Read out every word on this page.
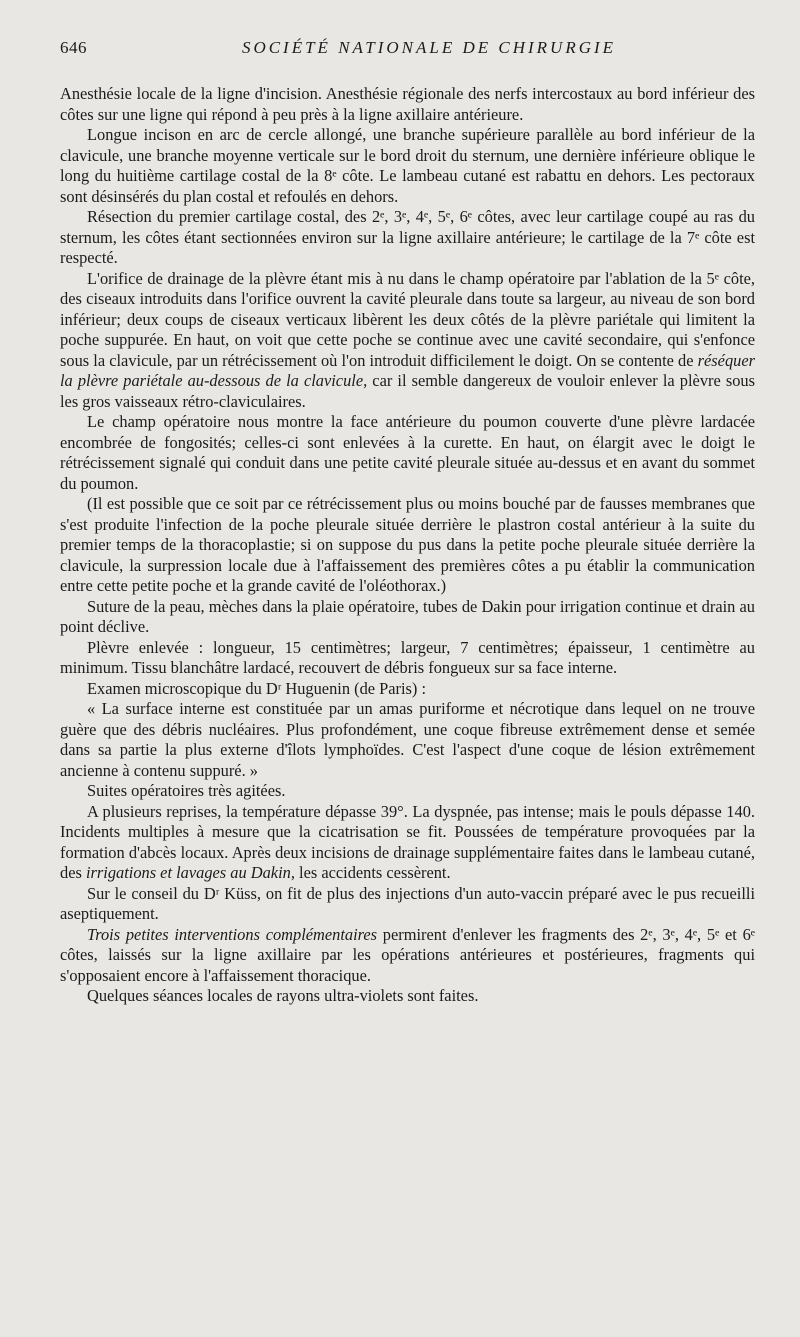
646	SOCIÉTÉ NATIONALE DE CHIRURGIE

Anesthésie locale de la ligne d'incision. Anesthésie régionale des nerfs intercostaux au bord inférieur des côtes sur une ligne qui répond à peu près à la ligne axillaire antérieure.

Longue incison en arc de cercle allongé, une branche supérieure parallèle au bord inférieur de la clavicule, une branche moyenne verticale sur le bord droit du sternum, une dernière inférieure oblique le long du huitième cartilage costal de la 8ᵉ côte. Le lambeau cutané est rabattu en dehors. Les pectoraux sont désinsérés du plan costal et refoulés en dehors.

Résection du premier cartilage costal, des 2ᵉ, 3ᵉ, 4ᵉ, 5ᵉ, 6ᵉ côtes, avec leur cartilage coupé au ras du sternum, les côtes étant sectionnées environ sur la ligne axillaire antérieure; le cartilage de la 7ᵉ côte est respecté.

L'orifice de drainage de la plèvre étant mis à nu dans le champ opératoire par l'ablation de la 5ᵉ côte, des ciseaux introduits dans l'orifice ouvrent la cavité pleurale dans toute sa largeur, au niveau de son bord inférieur; deux coups de ciseaux verticaux libèrent les deux côtés de la plèvre pariétale qui limitent la poche suppurée. En haut, on voit que cette poche se continue avec une cavité secondaire, qui s'enfonce sous la clavicule, par un rétrécissement où l'on introduit difficilement le doigt. On se contente de réséquer la plèvre pariétale au-dessous de la clavicule, car il semble dangereux de vouloir enlever la plèvre sous les gros vaisseaux rétro-claviculaires.

Le champ opératoire nous montre la face antérieure du poumon couverte d'une plèvre lardacée encombrée de fongosités; celles-ci sont enlevées à la curette. En haut, on élargit avec le doigt le rétrécissement signalé qui conduit dans une petite cavité pleurale située au-dessus et en avant du sommet du poumon.

(Il est possible que ce soit par ce rétrécissement plus ou moins bouché par de fausses membranes que s'est produite l'infection de la poche pleurale située derrière le plastron costal antérieur à la suite du premier temps de la thoracoplastie; si on suppose du pus dans la petite poche pleurale située derrière la clavicule, la surpression locale due à l'affaissement des premières côtes a pu établir la communication entre cette petite poche et la grande cavité de l'oléothorax.)

Suture de la peau, mèches dans la plaie opératoire, tubes de Dakin pour irrigation continue et drain au point déclive.

Plèvre enlevée : longueur, 15 centimètres; largeur, 7 centimètres; épaisseur, 1 centimètre au minimum. Tissu blanchâtre lardacé, recouvert de débris fongueux sur sa face interne.

Examen microscopique du Dʳ Huguenin (de Paris) :

« La surface interne est constituée par un amas puriforme et nécrotique dans lequel on ne trouve guère que des débris nucléaires. Plus profondément, une coque fibreuse extrêmement dense et semée dans sa partie la plus externe d'îlots lymphoïdes. C'est l'aspect d'une coque de lésion extrêmement ancienne à contenu suppuré. »

Suites opératoires très agitées.

A plusieurs reprises, la température dépasse 39°. La dyspnée, pas intense; mais le pouls dépasse 140. Incidents multiples à mesure que la cicatrisation se fit. Poussées de température provoquées par la formation d'abcès locaux. Après deux incisions de drainage supplémentaire faites dans le lambeau cutané, des irrigations et lavages au Dakin, les accidents cessèrent.

Sur le conseil du Dʳ Küss, on fit de plus des injections d'un auto-vaccin préparé avec le pus recueilli aseptiquement.

Trois petites interventions complémentaires permirent d'enlever les fragments des 2ᵉ, 3ᵉ, 4ᵉ, 5ᵉ et 6ᵉ côtes, laissés sur la ligne axillaire par les opérations antérieures et postérieures, fragments qui s'opposaient encore à l'affaissement thoracique.

Quelques séances locales de rayons ultra-violets sont faites.
